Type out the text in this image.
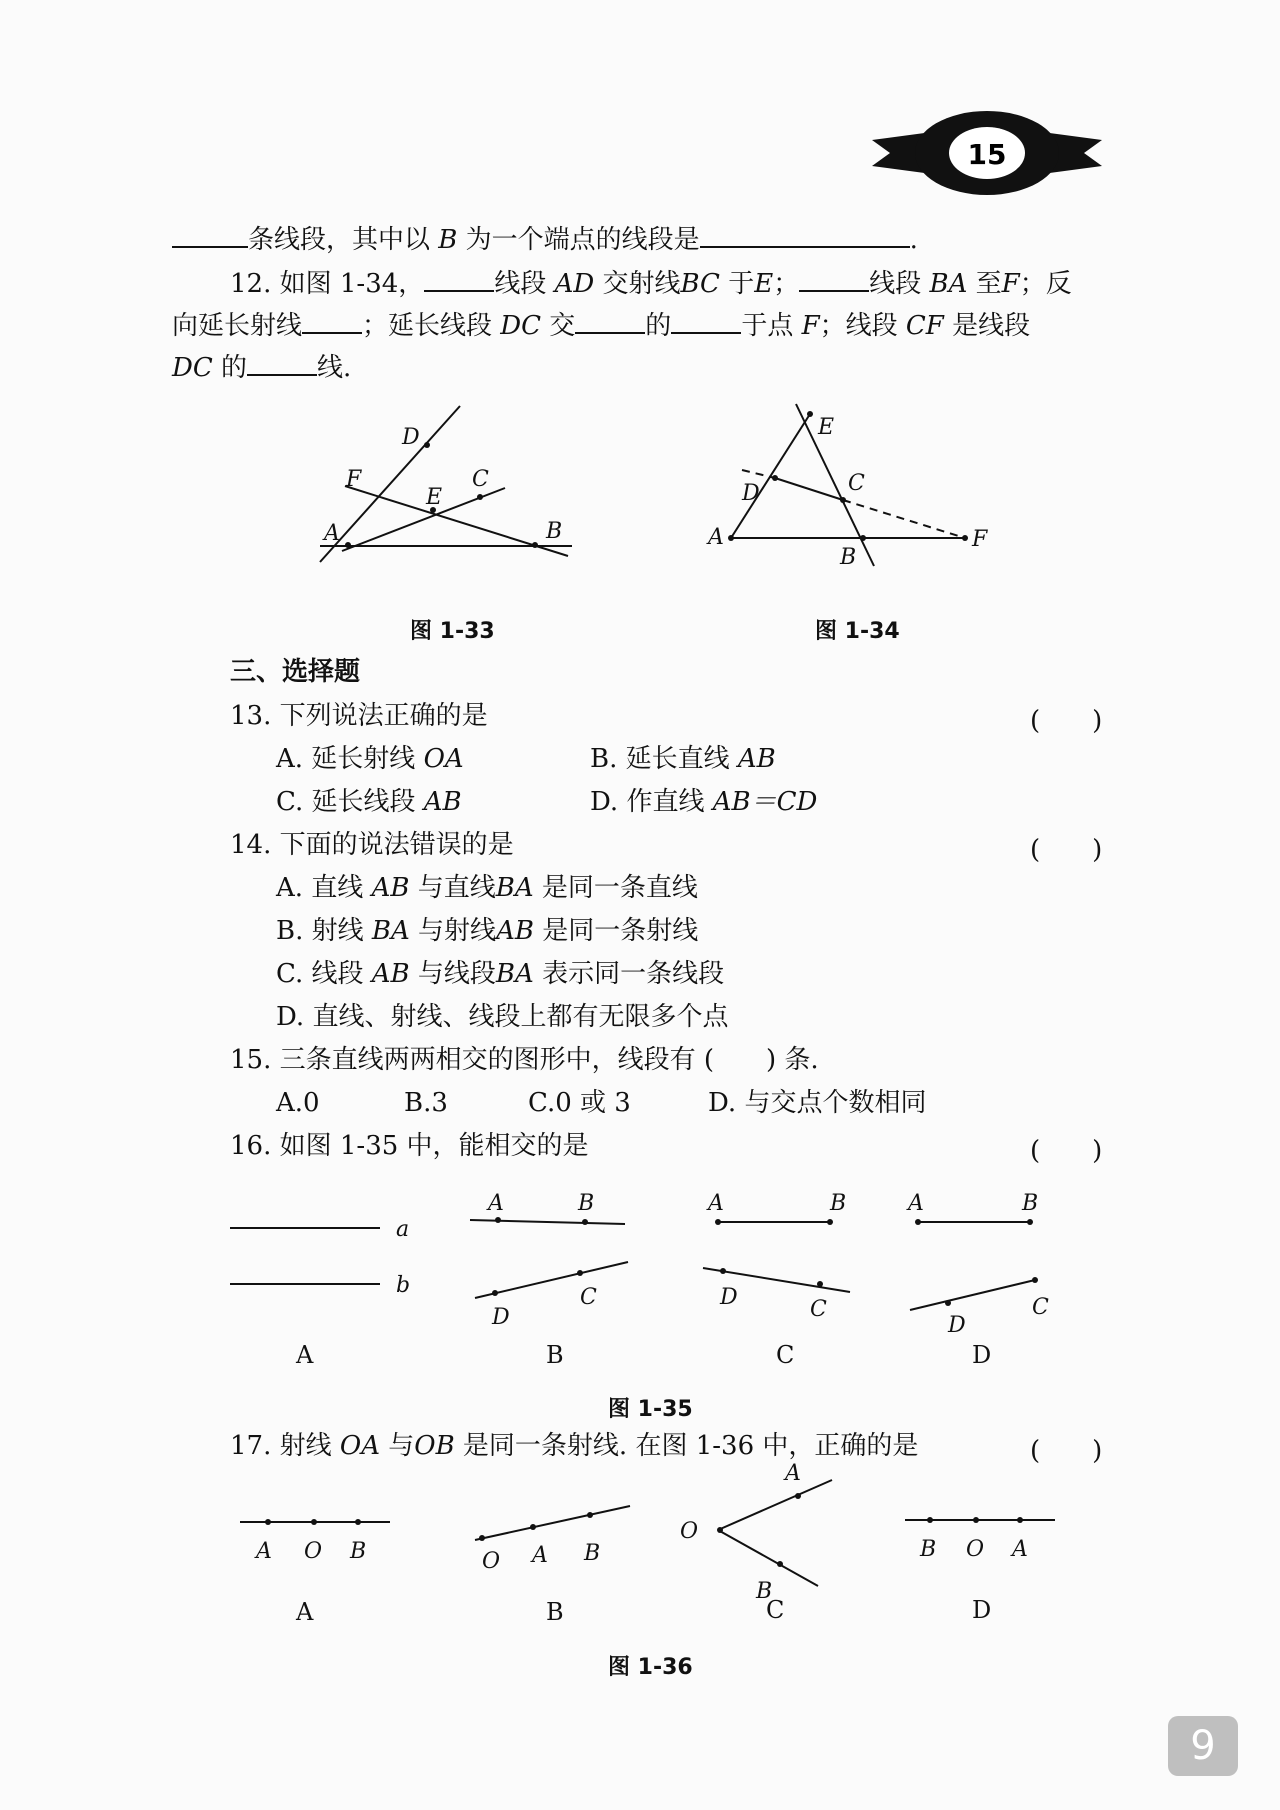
15
条线段，其中以 B 为一个端点的线段是	.
12. 如图 1-34，	线段 AD 交射线BC 于E；	线段 BA 至F；反
向延长射线 ；延长线段 DC 交	的	于点 F；线段 CF 是线段
DC 的	线.
D
F	C
E
A	B
图 1-33
E
D	C
A	F
B
图 1-34
三、选择题
13. 下列说法正确的是	(　　)
A. 延长射线 OA	B. 延长直线 AB
C. 延长线段 AB	D. 作直线 AB＝CD
14. 下面的说法错误的是	(　　)
A. 直线 AB 与直线BA 是同一条直线
B. 射线 BA 与射线AB 是同一条射线
C. 线段 AB 与线段BA 表示同一条线段
D. 直线、射线、线段上都有无限多个点
15. 三条直线两两相交的图形中，线段有 (　　) 条.
A.0	B.3	C.0 或 3	D. 与交点个数相同
16. 如图 1-35 中，能相交的是	(　　)
a
b
A	B
D
C
A	B
D	C
A	B
D
C
A	B	C	D
图 1-35
17. 射线 OA 与OB 是同一条射线. 在图 1-36 中，正确的是	(　　)
A O B	O A B
O
A
B
B O A
A	B	C	D
图 1-36
9
